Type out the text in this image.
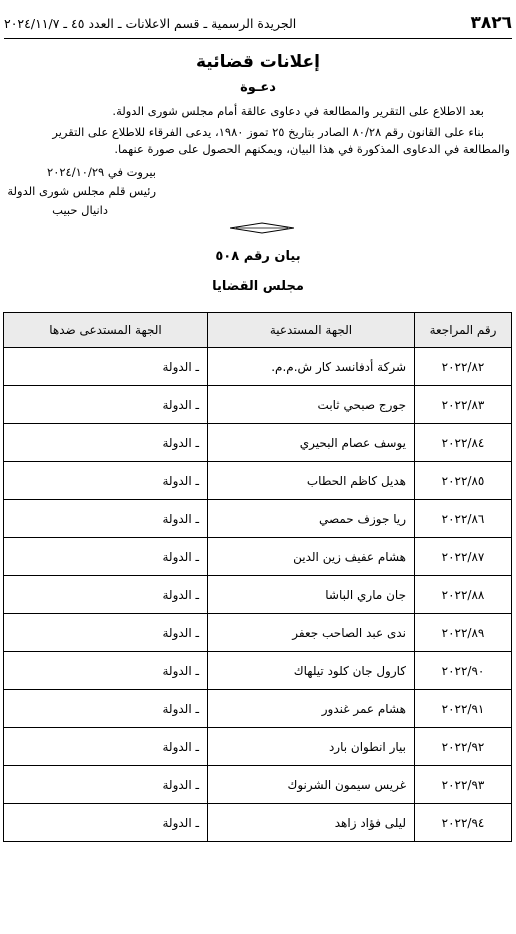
٣٨٢٦
الجريدة الرسمية ـ قسم الاعلانات ـ العدد ٤٥ ـ ٢٠٢٤/١١/٧
إعلانات قضائية
دعـوة
بعد الاطلاع على التقرير والمطالعة في دعاوى عالقة أمام مجلس شورى الدولة.
بناء على القانون رقم ٨٠/٢٨ الصادر بتاريخ ٢٥ تموز ١٩٨٠، يدعى الفرقاء للاطلاع على التقرير والمطالعة في الدعاوى المذكورة في هذا البيان، ويمكنهم الحصول على صورة عنهما.
بيروت في ٢٠٢٤/١٠/٢٩
رئيس قلم مجلس شورى الدولة
دانيال حبيب
بيان رقم ٥٠٨
مجلس القضايا
رقم المراجعة	الجهة المستدعية	الجهة المستدعى ضدها
٢٠٢٢/٨٢	شركة أدفانسد كار ش.م.م.	ـ الدولة
٢٠٢٢/٨٣	جورج صبحي ثابت	ـ الدولة
٢٠٢٢/٨٤	يوسف عصام البحيري	ـ الدولة
٢٠٢٢/٨٥	هديل كاظم الحطاب	ـ الدولة
٢٠٢٢/٨٦	ريا جوزف حمصي	ـ الدولة
٢٠٢٢/٨٧	هشام عفيف زين الدين	ـ الدولة
٢٠٢٢/٨٨	جان ماري الباشا	ـ الدولة
٢٠٢٢/٨٩	ندى عبد الصاحب جعفر	ـ الدولة
٢٠٢٢/٩٠	كارول جان كلود تيلهاك	ـ الدولة
٢٠٢٢/٩١	هشام عمر غندور	ـ الدولة
٢٠٢٢/٩٢	بيار انطوان بارد	ـ الدولة
٢٠٢٢/٩٣	غريس سيمون الشرنوك	ـ الدولة
٢٠٢٢/٩٤	ليلى فؤاد زاهد	ـ الدولة
